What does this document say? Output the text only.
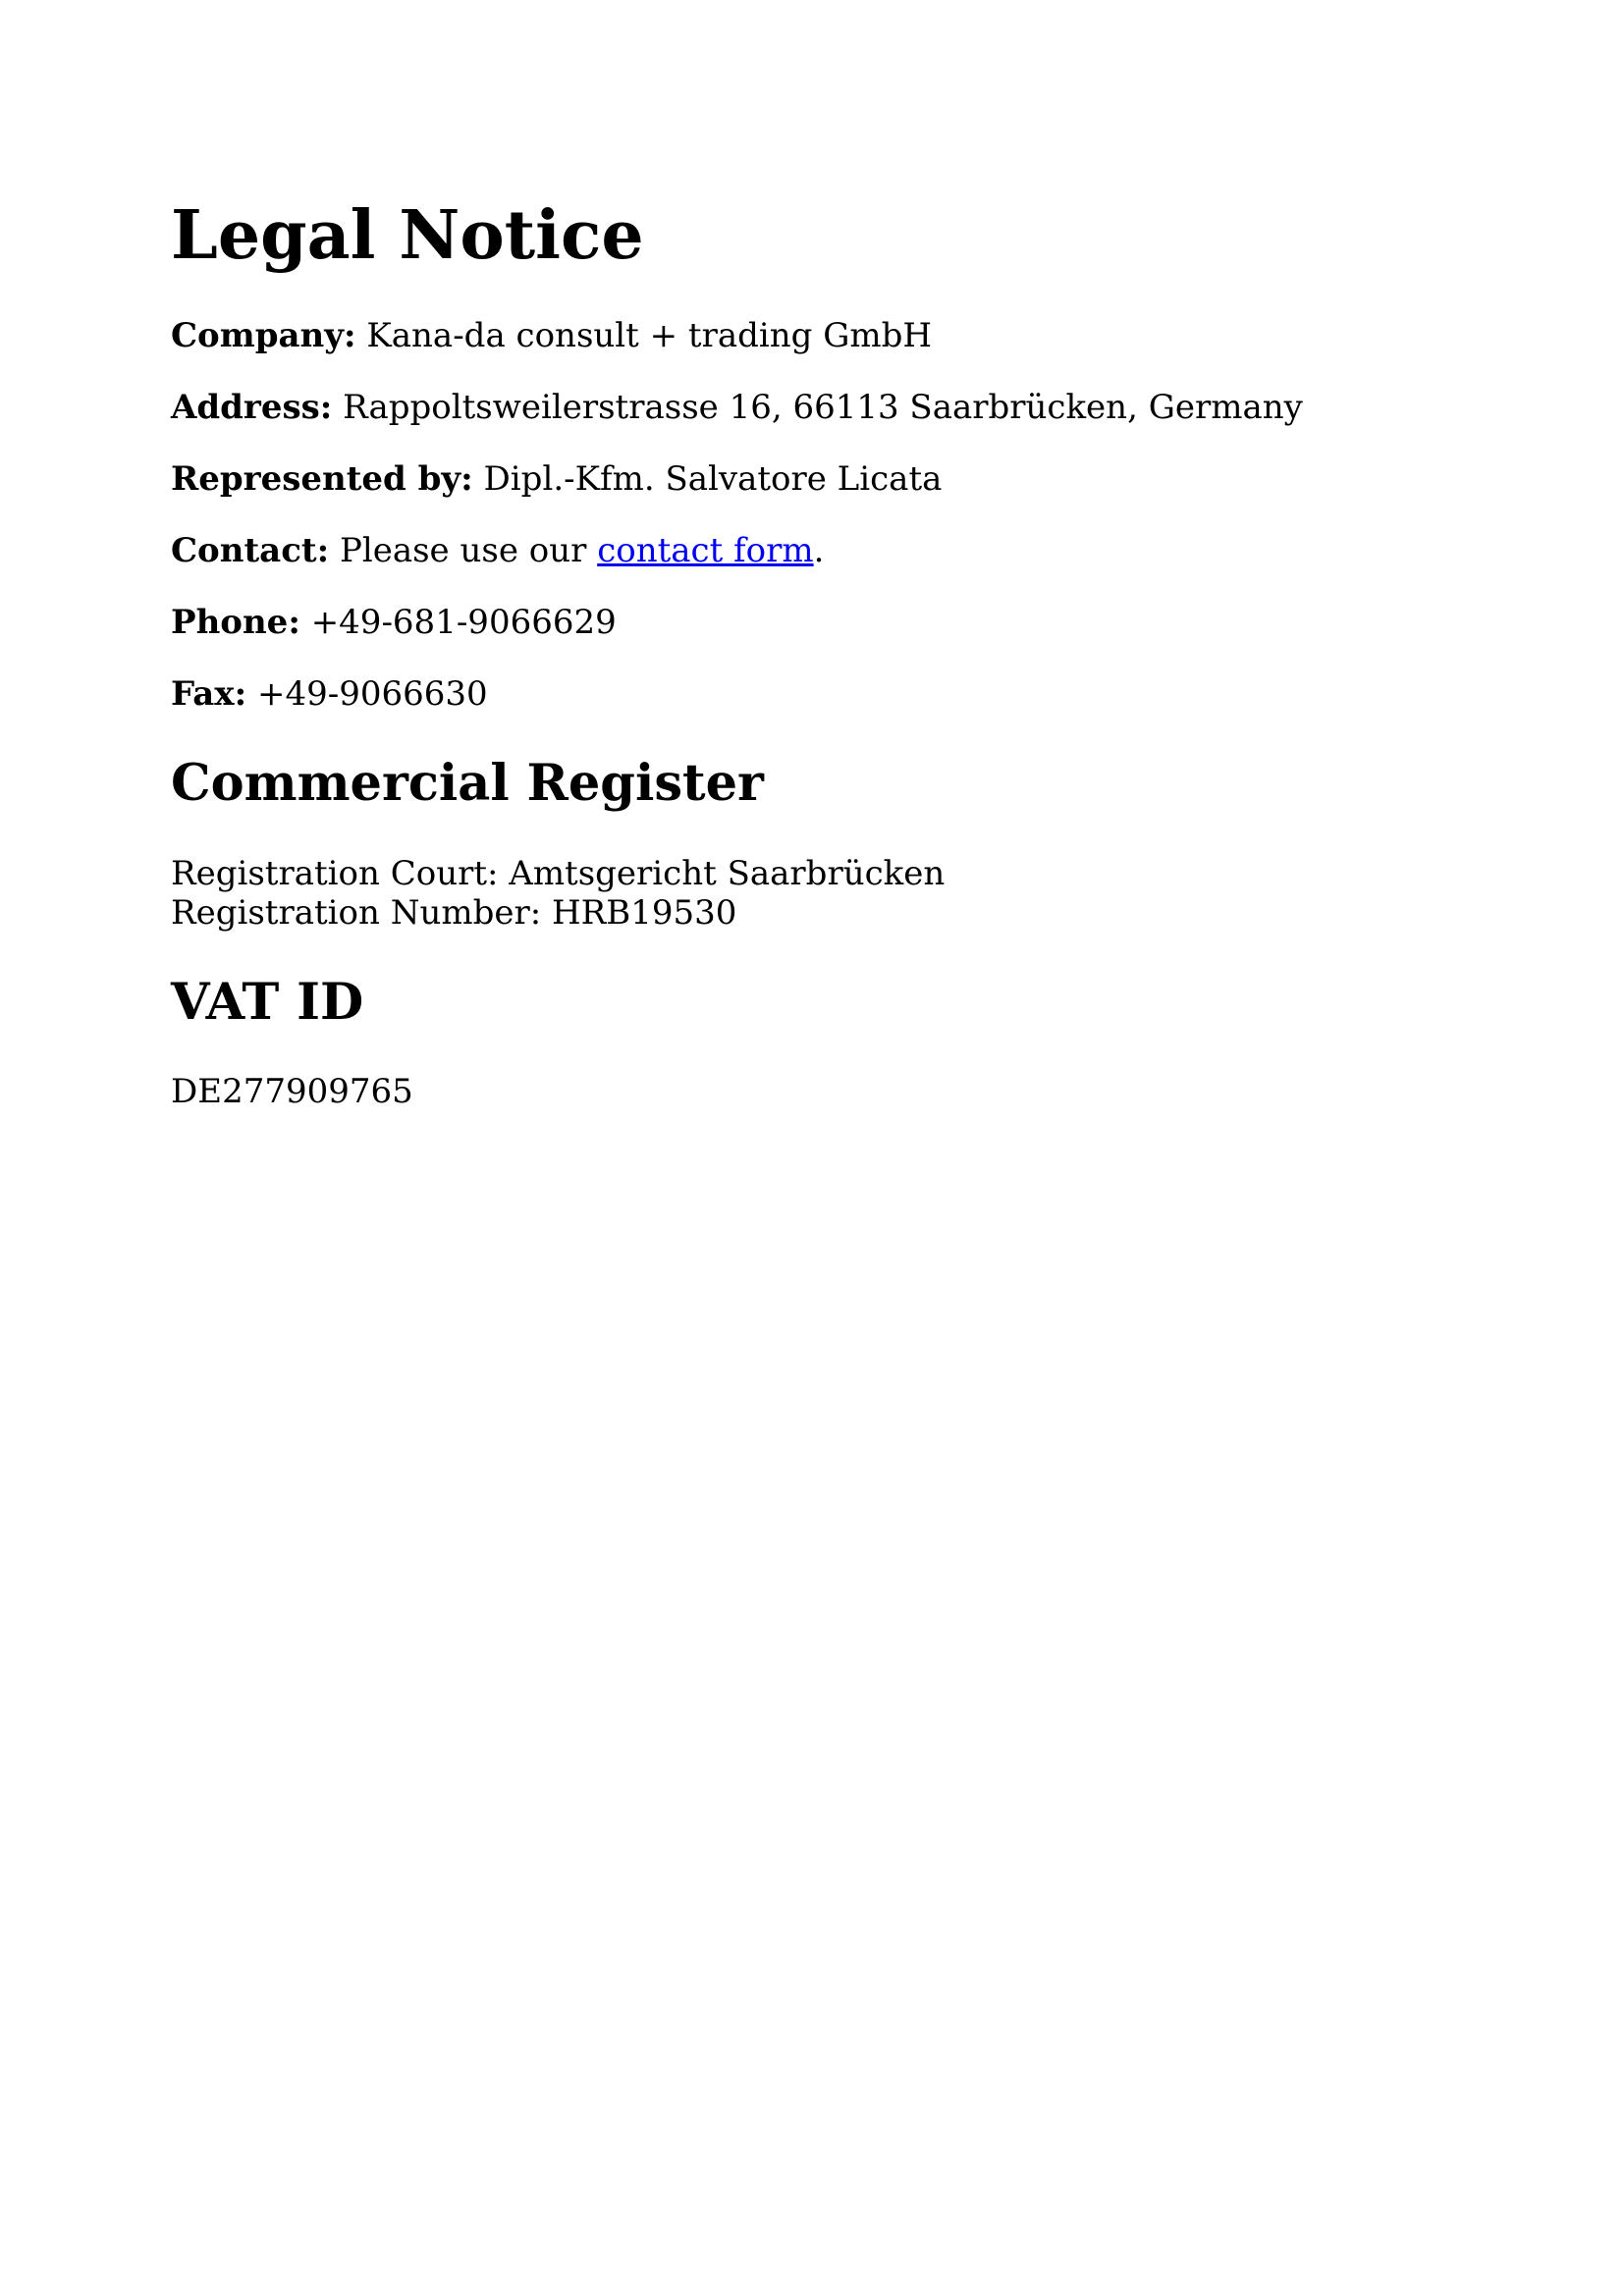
Legal Notice
Company: Kana-da consult + trading GmbH
Address: Rappoltsweilerstrasse 16, 66113 Saarbrücken, Germany
Represented by: Dipl.-Kfm. Salvatore Licata
Contact: Please use our contact form.
Phone: +49-681-9066629
Fax: +49-9066630
Commercial Register
Registration Court: Amtsgericht Saarbrücken
Registration Number: HRB19530
VAT ID
DE277909765
